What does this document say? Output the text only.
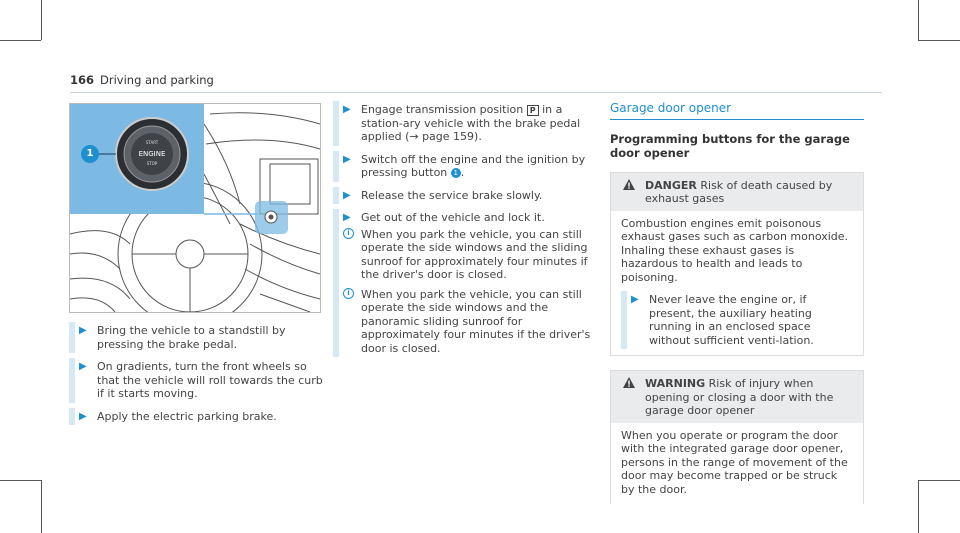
166 Driving and parking
START
ENGINE
STOP
1
▶ Bring the vehicle to a standstill by pressing the brake pedal.
▶ On gradients, turn the front wheels so that the vehicle will roll towards the curb if it starts moving.
▶ Apply the electric parking brake.
▶ Engage transmission position P in a station-ary vehicle with the brake pedal applied (→ page 159).
▶ Switch off the engine and the ignition by pressing button 1 .
▶ Release the service brake slowly.
▶ Get out of the vehicle and lock it.
i	When you park the vehicle, you can still operate the side windows and the sliding sunroof for approximately four minutes if the driver's door is closed.
i	When you park the vehicle, you can still operate the side windows and the panoramic sliding sunroof for approximately four minutes if the driver's door is closed.
Garage door opener
Programming buttons for the garage door opener
DANGER Risk of death caused by exhaust gases
Combustion engines emit poisonous exhaust gases such as carbon monoxide. Inhaling these exhaust gases is hazardous to health and leads to poisoning.
▶ Never leave the engine or, if present, the auxiliary heating running in an enclosed space without sufficient venti-lation.
WARNING Risk of injury when opening or closing a door with the garage door opener
When you operate or program the door with the integrated garage door opener, persons in the range of movement of the door may become trapped or be struck by the door.
